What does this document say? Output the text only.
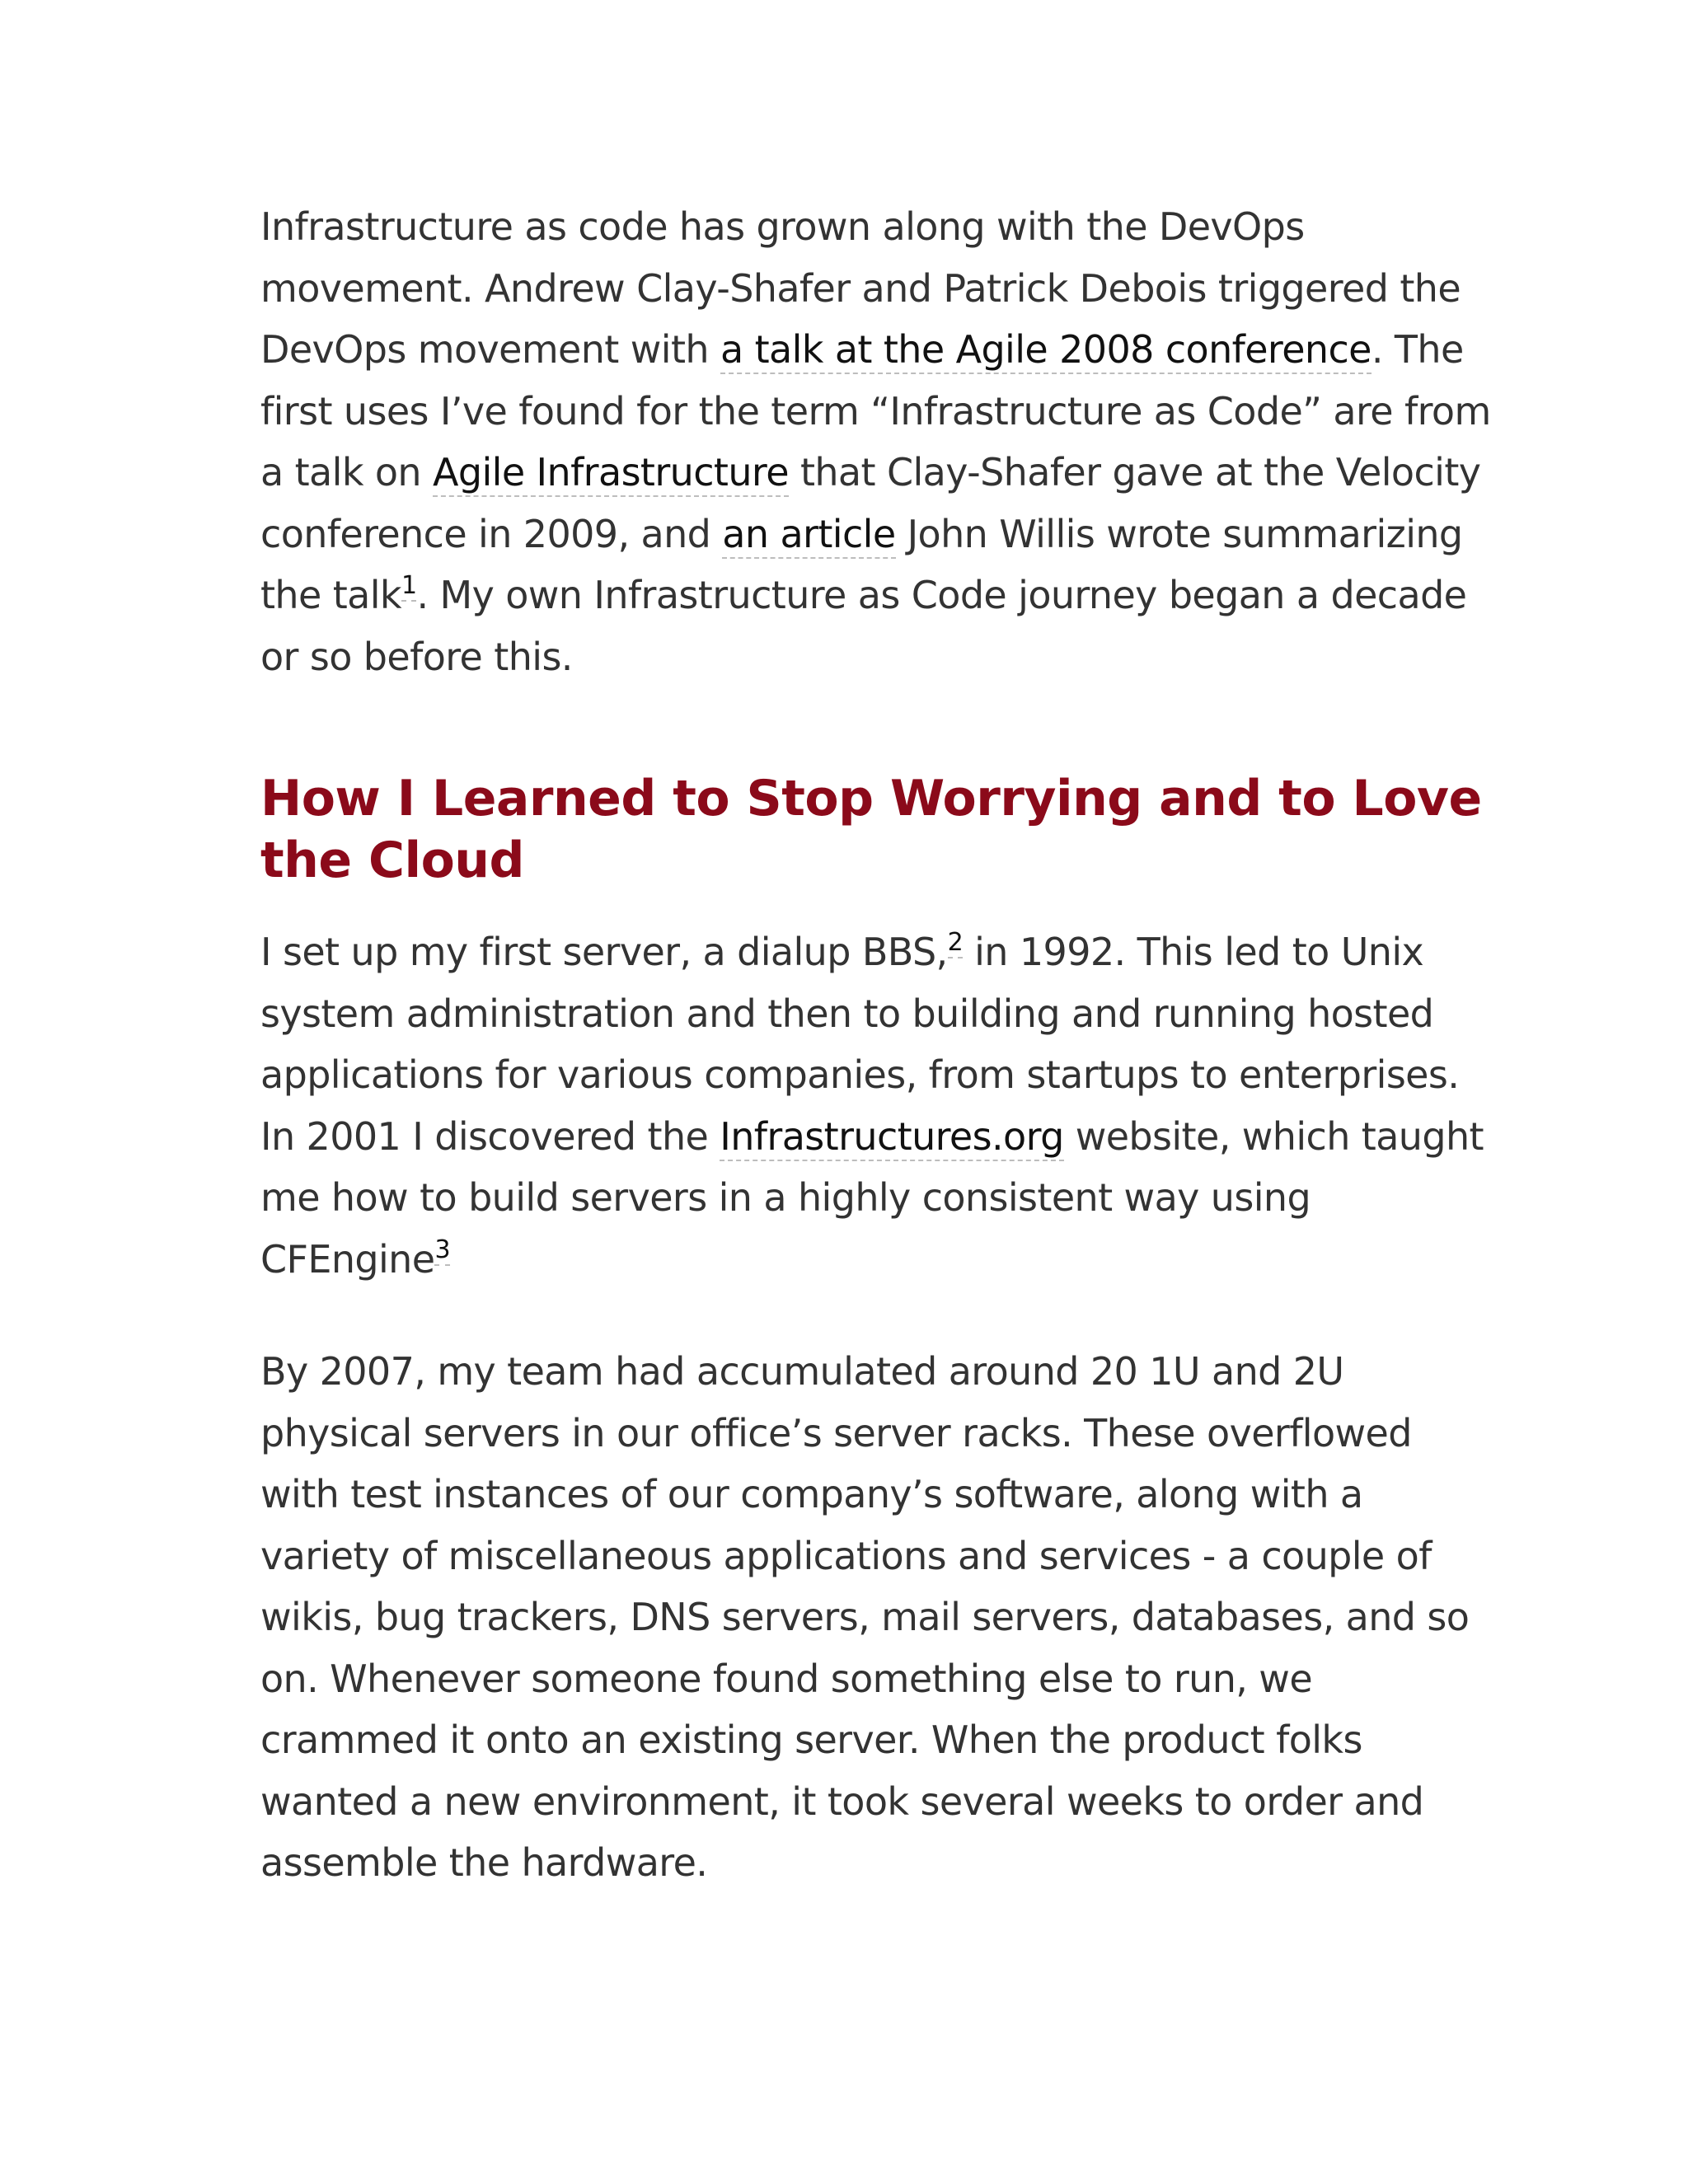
Infrastructure as code has grown along with the DevOps movement. Andrew Clay-Shafer and Patrick Debois triggered the DevOps movement with a talk at the Agile 2008 conference. The first uses I’ve found for the term “Infrastructure as Code” are from a talk on Agile Infrastructure that Clay-Shafer gave at the Velocity conference in 2009, and an article John Willis wrote summarizing the talk$^1$. My own Infrastructure as Code journey began a decade or so before this.

How I Learned to Stop Worrying and to Love the Cloud

I set up my first server, a dialup BBS,$^2$ in 1992. This led to Unix system administration and then to building and running hosted applications for various companies, from startups to enterprises. In 2001 I discovered the Infrastructures.org website, which taught me how to build servers in a highly consistent way using CFEngine$^3$

By 2007, my team had accumulated around 20 1U and 2U physical servers in our office’s server racks. These overflowed with test instances of our company’s software, along with a variety of miscellaneous applications and services - a couple of wikis, bug trackers, DNS servers, mail servers, databases, and so on. Whenever someone found something else to run, we crammed it onto an existing server. When the product folks wanted a new environment, it took several weeks to order and assemble the hardware.
